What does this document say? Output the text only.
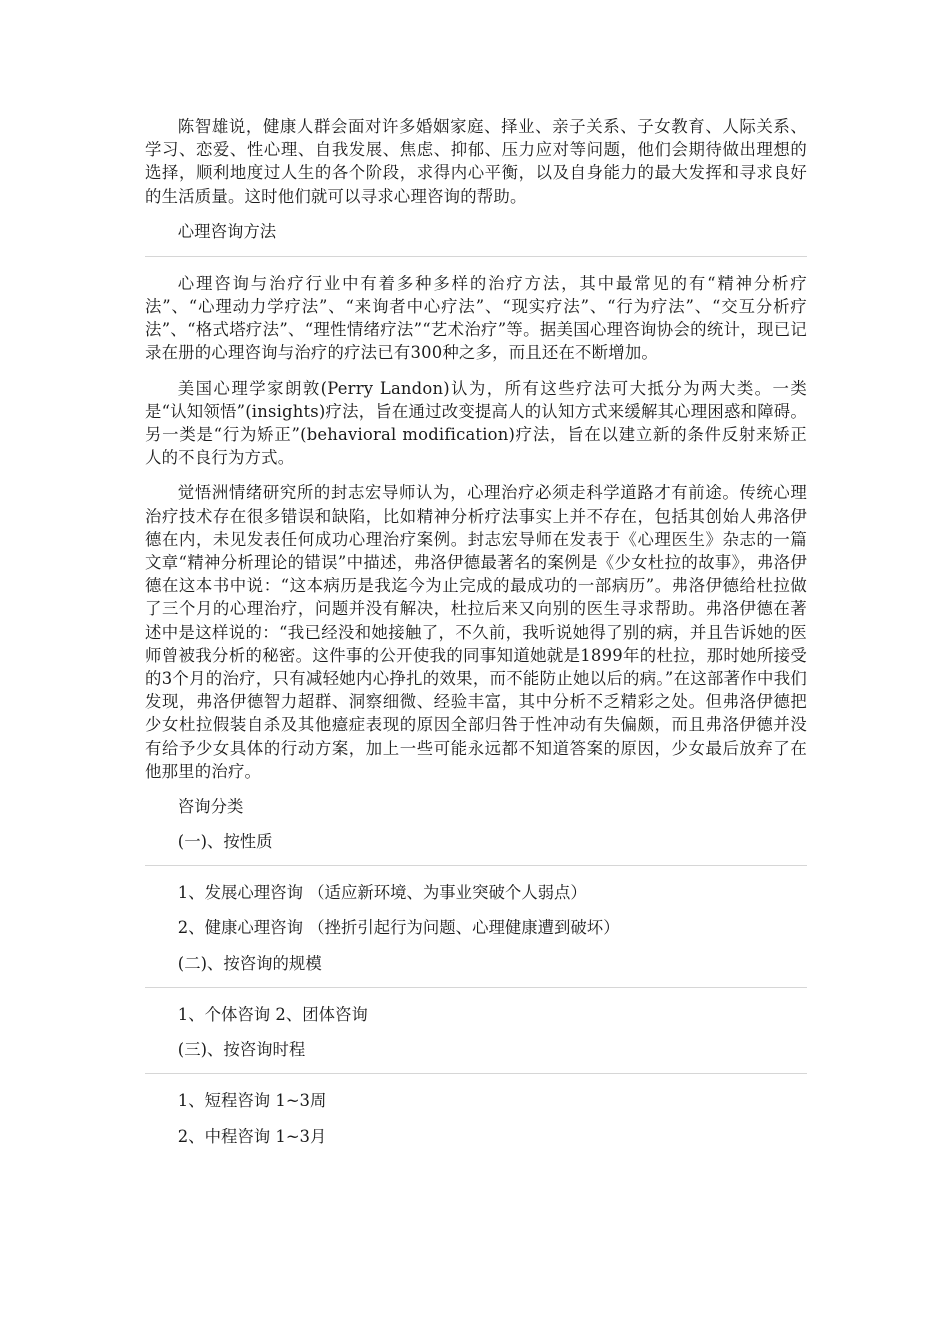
陈智雄说，健康人群会面对许多婚姻家庭、择业、亲子关系、子女教育、人际关系、学习、恋爱、性心理、自我发展、焦虑、抑郁、压力应对等问题，他们会期待做出理想的选择，顺利地度过人生的各个阶段，求得内心平衡，以及自身能力的最大发挥和寻求良好的生活质量。这时他们就可以寻求心理咨询的帮助。

心理咨询方法

心理咨询与治疗行业中有着多种多样的治疗方法，其中最常见的有“精神分析疗法”、“心理动力学疗法”、“来询者中心疗法”、“现实疗法”、“行为疗法”、“交互分析疗法”、“格式塔疗法”、“理性情绪疗法”“艺术治疗”等。据美国心理咨询协会的统计，现已记录在册的心理咨询与治疗的疗法已有300种之多，而且还在不断增加。

美国心理学家朗敦(Perry Landon)认为，所有这些疗法可大抵分为两大类。一类是“认知领悟”(insights)疗法，旨在通过改变提高人的认知方式来缓解其心理困惑和障碍。另一类是“行为矫正”(behavioral modification)疗法，旨在以建立新的条件反射来矫正人的不良行为方式。

觉悟洲情绪研究所的封志宏导师认为，心理治疗必须走科学道路才有前途。传统心理治疗技术存在很多错误和缺陷，比如精神分析疗法事实上并不存在，包括其创始人弗洛伊德在内，未见发表任何成功心理治疗案例。封志宏导师在发表于《心理医生》杂志的一篇文章“精神分析理论的错误”中描述，弗洛伊德最著名的案例是《少女杜拉的故事》，弗洛伊德在这本书中说：“这本病历是我迄今为止完成的最成功的一部病历”。弗洛伊德给杜拉做了三个月的心理治疗，问题并没有解决，杜拉后来又向别的医生寻求帮助。弗洛伊德在著述中是这样说的：“我已经没和她接触了，不久前，我听说她得了别的病，并且告诉她的医师曾被我分析的秘密。这件事的公开使我的同事知道她就是1899年的杜拉，那时她所接受的3个月的治疗，只有减轻她内心挣扎的效果，而不能防止她以后的病。”在这部著作中我们发现，弗洛伊德智力超群、洞察细微、经验丰富，其中分析不乏精彩之处。但弗洛伊德把少女杜拉假装自杀及其他癔症表现的原因全部归咎于性冲动有失偏颇，而且弗洛伊德并没有给予少女具体的行动方案，加上一些可能永远都不知道答案的原因，少女最后放弃了在他那里的治疗。

咨询分类

(一)、按性质

1、发展心理咨询 （适应新环境、为事业突破个人弱点）

2、健康心理咨询 （挫折引起行为问题、心理健康遭到破坏）

(二)、按咨询的规模

1、个体咨询 2、团体咨询

(三)、按咨询时程

1、短程咨询 1~3周

2、中程咨询 1~3月
